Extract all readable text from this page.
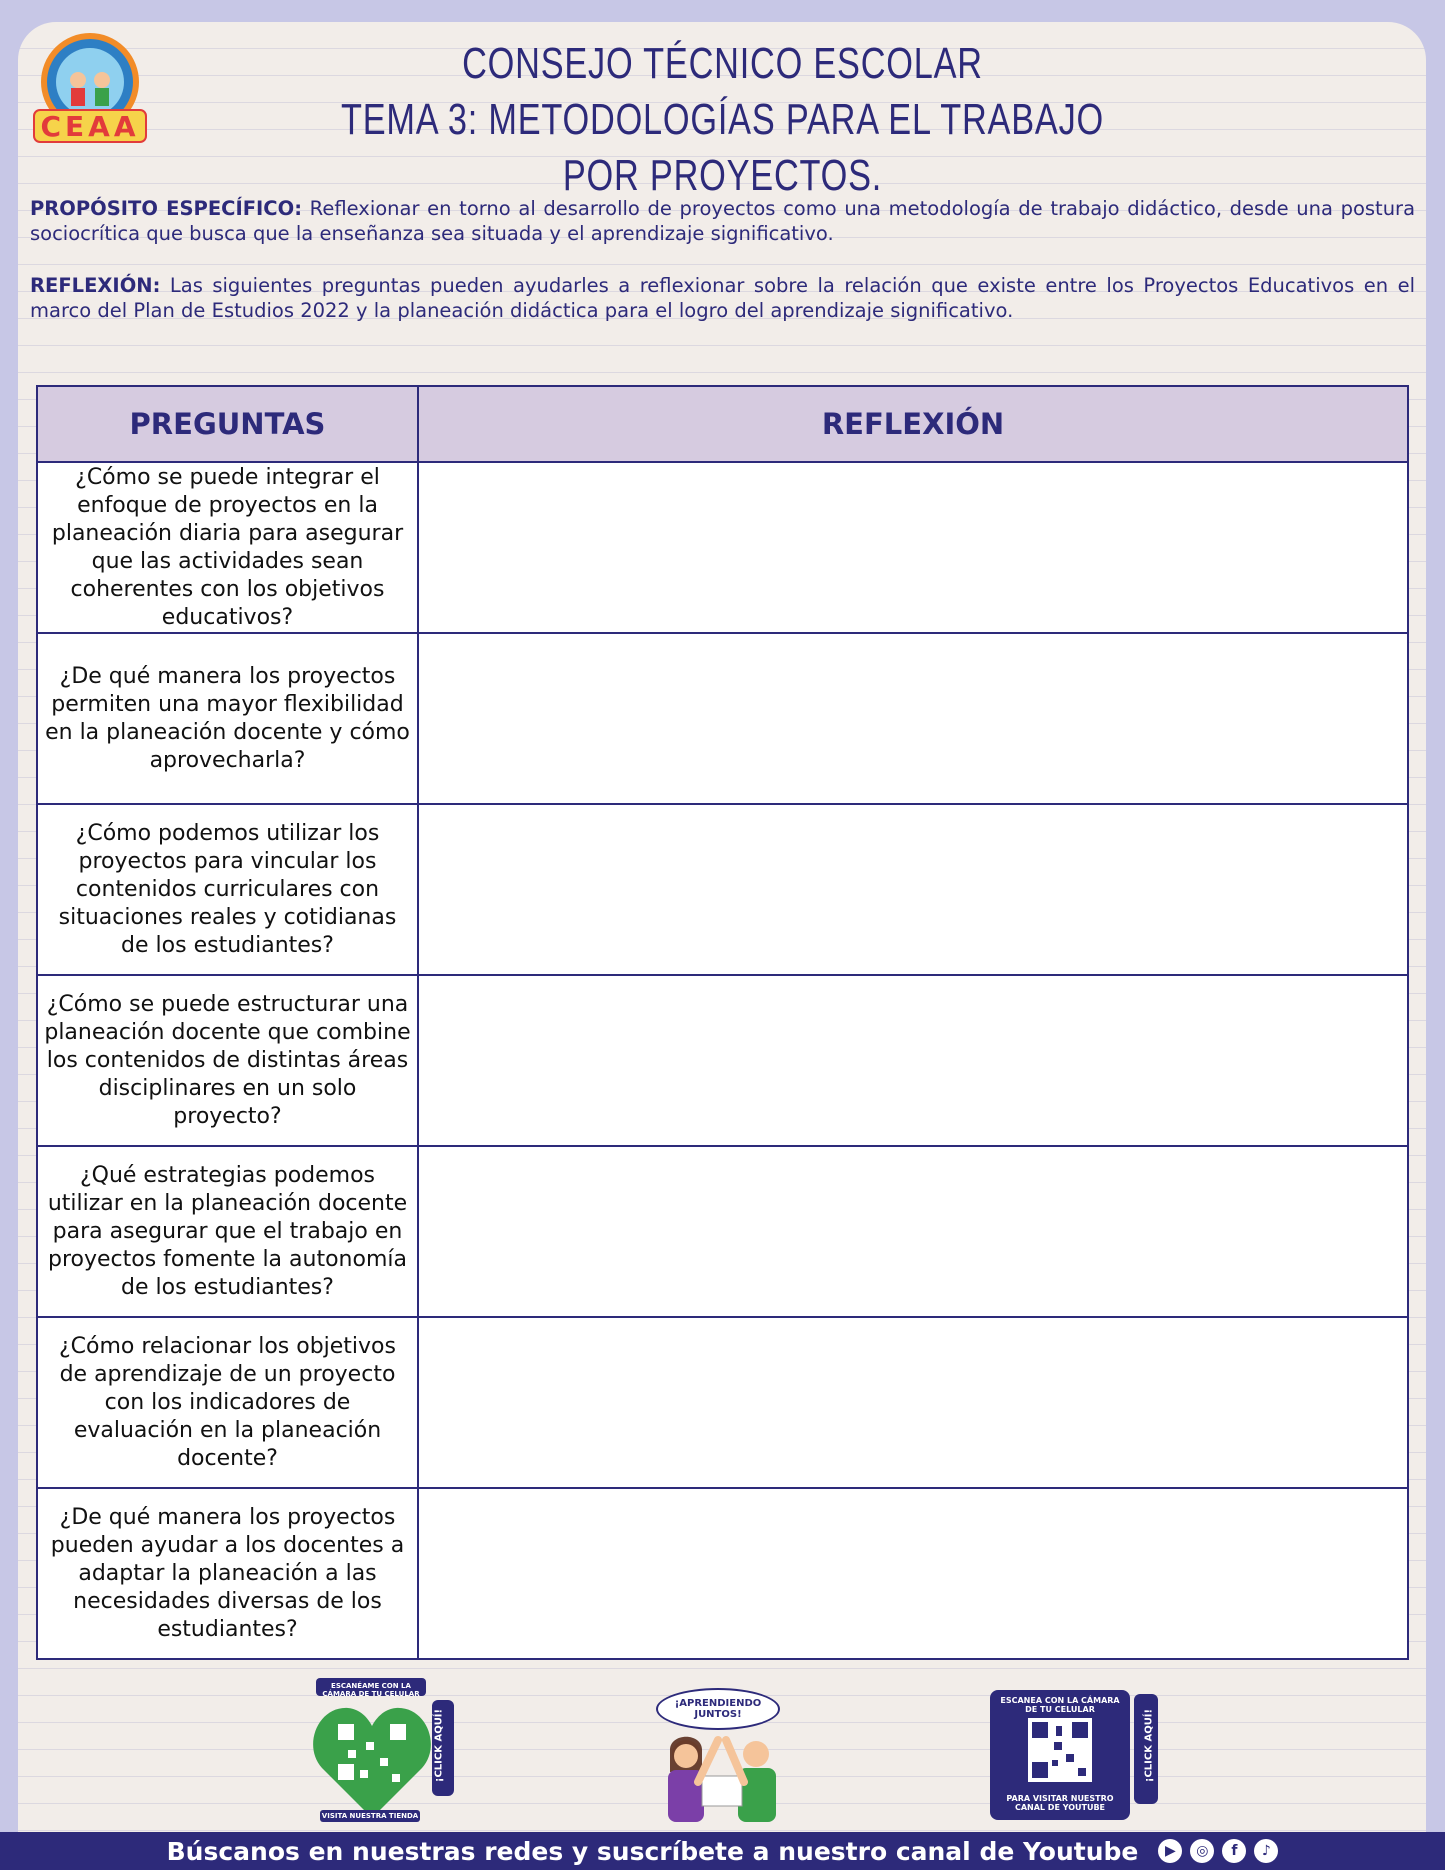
CEAA
CONSEJO TÉCNICO ESCOLAR
TEMA 3: METODOLOGÍAS PARA EL TRABAJO POR PROYECTOS.
PROPÓSITO ESPECÍFICO: Reflexionar en torno al desarrollo de proyectos como una metodología de trabajo didáctico, desde una postura sociocrítica que busca que la enseñanza sea situada y el aprendizaje significativo.
REFLEXIÓN: Las siguientes preguntas pueden ayudarles a reflexionar sobre la relación que existe entre los Proyectos Educativos en el marco del Plan de Estudios 2022 y la planeación didáctica para el logro del aprendizaje significativo.
PREGUNTAS	REFLEXIÓN
¿Cómo se puede integrar el enfoque de proyectos en la planeación diaria para asegurar que las actividades sean coherentes con los objetivos educativos?	
¿De qué manera los proyectos permiten una mayor flexibilidad en la planeación docente y cómo aprovecharla?	
¿Cómo podemos utilizar los proyectos para vincular los contenidos curriculares con situaciones reales y cotidianas de los estudiantes?	
¿Cómo se puede estructurar una planeación docente que combine los contenidos de distintas áreas disciplinares en un solo proyecto?	
¿Qué estrategias podemos utilizar en la planeación docente para asegurar que el trabajo en proyectos fomente la autonomía de los estudiantes?	
¿Cómo relacionar los objetivos de aprendizaje de un proyecto con los indicadores de evaluación en la planeación docente?	
¿De qué manera los proyectos pueden ayudar a los docentes a adaptar la planeación a las necesidades diversas de los estudiantes?	
ESCANÉAME CON LA CÁMARA DE TU CELULAR
VISITA NUESTRA TIENDA
¡CLICK AQUÍ!
¡APRENDIENDO JUNTOS!
ESCANEA CON LA CÁMARA DE TU CELULAR
PARA VISITAR NUESTRO CANAL DE YOUTUBE
¡CLICK AQUÍ!
Búscanos en nuestras redes y suscríbete a nuestro canal de Youtube	▶	◎	f	♪
